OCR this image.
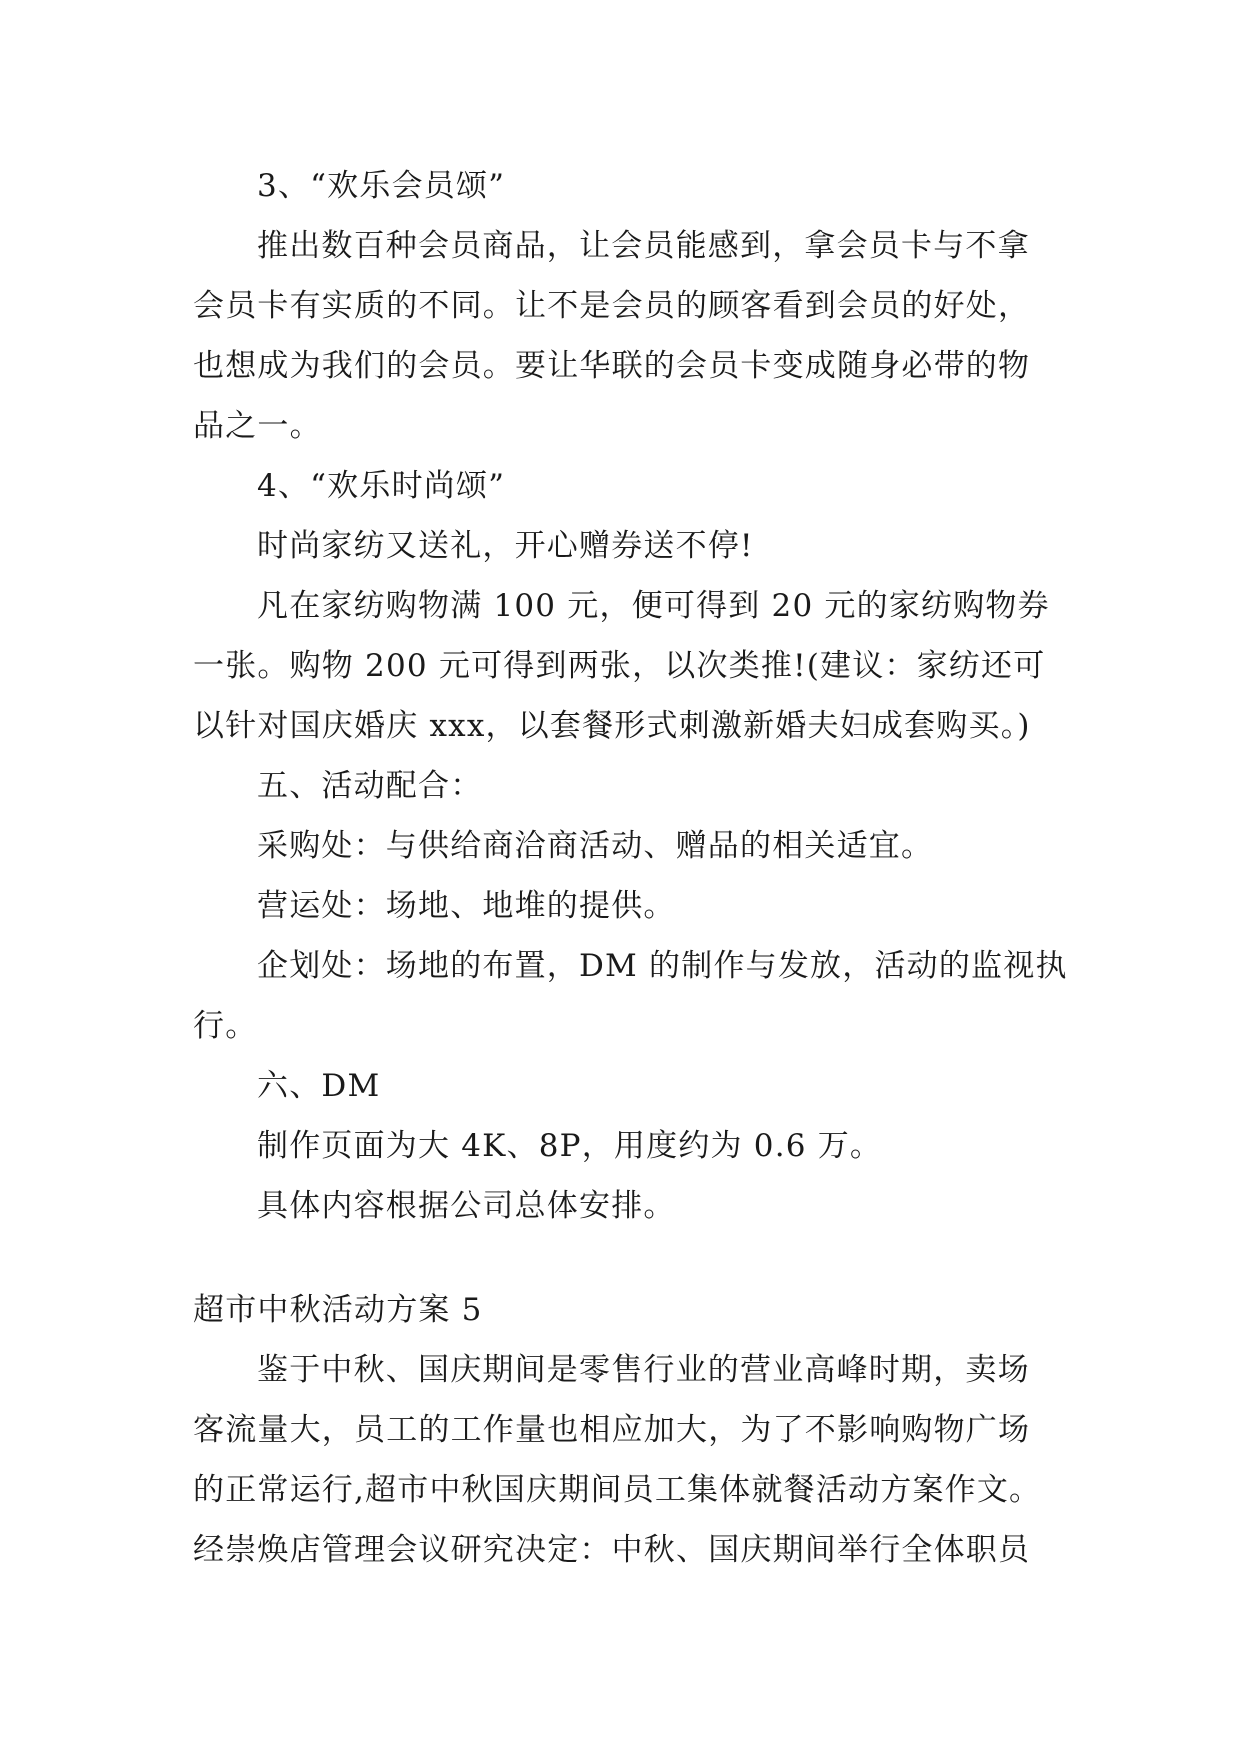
3、“欢乐会员颂”
推出数百种会员商品，让会员能感到，拿会员卡与不拿
会员卡有实质的不同。让不是会员的顾客看到会员的好处，
也想成为我们的会员。要让华联的会员卡变成随身必带的物
品之一。
4、“欢乐时尚颂”
时尚家纺又送礼，开心赠券送不停!
凡在家纺购物满 100 元，便可得到 20 元的家纺购物券
一张。购物 200 元可得到两张，以次类推!(建议：家纺还可
以针对国庆婚庆 xxx，以套餐形式刺激新婚夫妇成套购买。)
五、活动配合：
采购处：与供给商洽商活动、赠品的相关适宜。
营运处：场地、地堆的提供。
企划处：场地的布置，DM 的制作与发放，活动的监视执
行。
六、DM
制作页面为大 4K、8P，用度约为 0.6 万。
具体内容根据公司总体安排。
超市中秋活动方案 5
鉴于中秋、国庆期间是零售行业的营业高峰时期，卖场
客流量大，员工的工作量也相应加大，为了不影响购物广场
的正常运行,超市中秋国庆期间员工集体就餐活动方案作文。
经崇焕店管理会议研究决定：中秋、国庆期间举行全体职员
